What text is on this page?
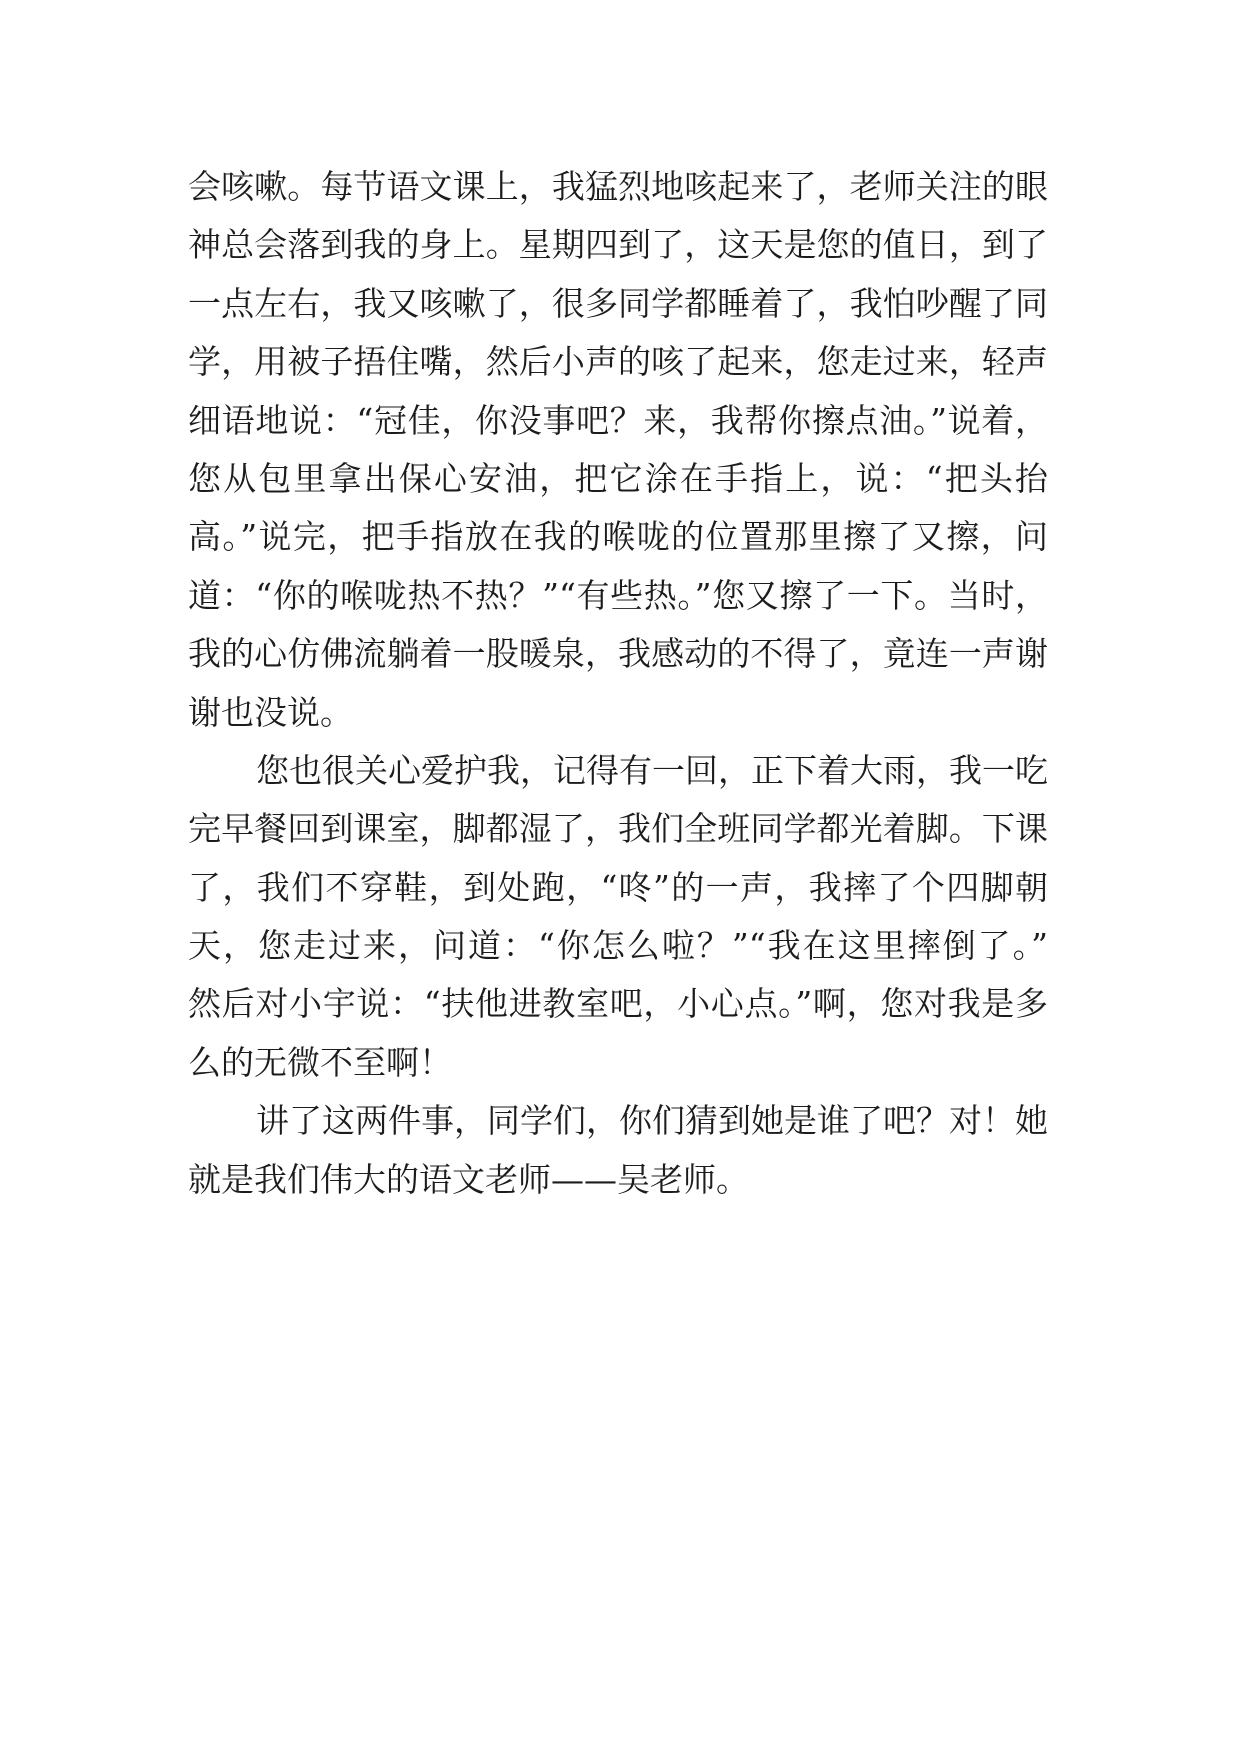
会咳嗽。每节语文课上，我猛烈地咳起来了，老师关注的眼
神总会落到我的身上。星期四到了，这天是您的值日，到了
一点左右，我又咳嗽了，很多同学都睡着了，我怕吵醒了同
学，用被子捂住嘴，然后小声的咳了起来，您走过来，轻声
细语地说：“冠佳，你没事吧？来，我帮你擦点油。”说着，
您从包里拿出保心安油，把它涂在手指上，说：“把头抬
高。”说完，把手指放在我的喉咙的位置那里擦了又擦，问
道：“你的喉咙热不热？”“有些热。”您又擦了一下。当时，
我的心仿佛流躺着一股暖泉，我感动的不得了，竟连一声谢
谢也没说。
您也很关心爱护我，记得有一回，正下着大雨，我一吃
完早餐回到课室，脚都湿了，我们全班同学都光着脚。下课
了，我们不穿鞋，到处跑，“咚”的一声，我摔了个四脚朝
天，您走过来，问道：“你怎么啦？”“我在这里摔倒了。”
然后对小宇说：“扶他进教室吧，小心点。”啊，您对我是多
么的无微不至啊！
讲了这两件事，同学们，你们猜到她是谁了吧？对！她
就是我们伟大的语文老师——吴老师。
